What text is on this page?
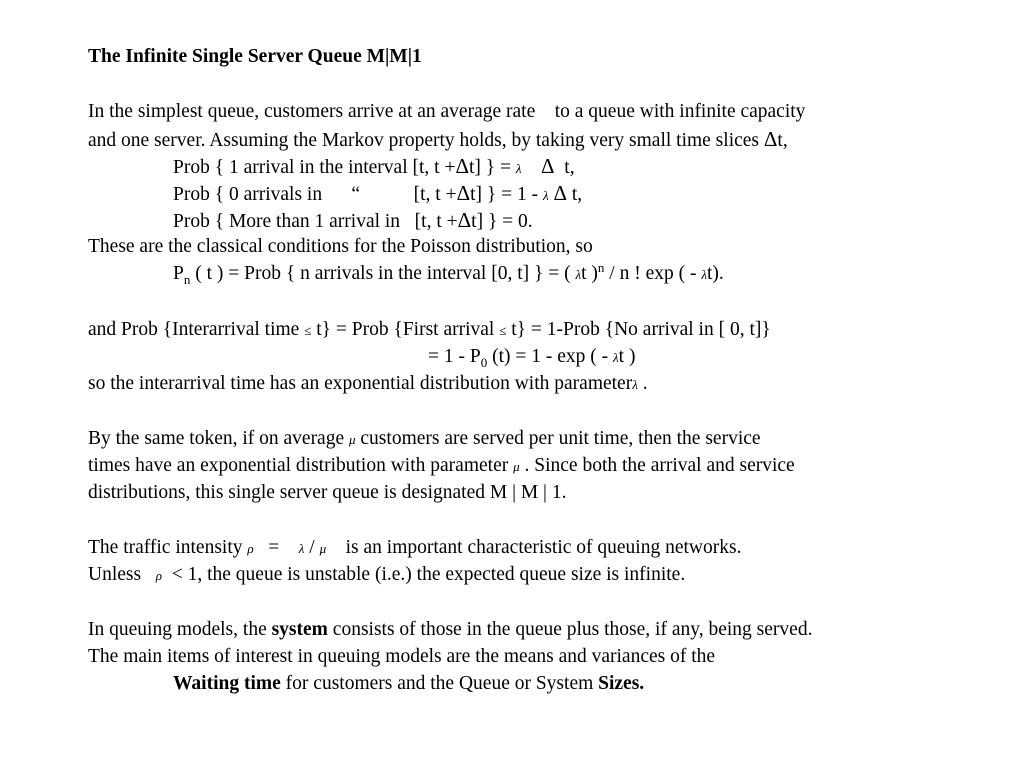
The Infinite Single Server Queue M|M|1
In the simplest queue, customers arrive at an average rate    to a queue with infinite capacity
and one server. Assuming the Markov property holds, by taking very small time slices Δt,
Prob { 1 arrival in the interval [t, t +Δt] } = λ Δ t,
Prob { 0 arrivals in      “           [t, t +Δt] } = 1 - λ Δ t,
Prob { More than 1 arrival in   [t, t +Δt] } = 0.
These are the classical conditions for the Poisson distribution, so
$P_n$ ( t ) = Prob { n arrivals in the interval [0, t] } = ( λt )$^n$ / n ! exp ( - λt).
and Prob {Interarrival time ≤ t} = Prob {First arrival ≤ t} = 1-Prob {No arrival in [ 0, t]}
= $1 - P_0$ (t) = 1 - exp ( - λt )
so the interarrival time has an exponential distribution with parameterλ .
By the same token, if on average μ customers are served per unit time, then the service
times have an exponential distribution with parameter μ . Since both the arrival and service
distributions, this single server queue is designated M | M | 1.
The traffic intensity ρ   =    λ / μ    is an important characteristic of queuing networks.
Unless   ρ  < 1, the queue is unstable (i.e.) the expected queue size is infinite.
In queuing models, the system consists of those in the queue plus those, if any, being served.
The main items of interest in queuing models are the means and variances of the
Waiting time for customers and the Queue or System Sizes.
